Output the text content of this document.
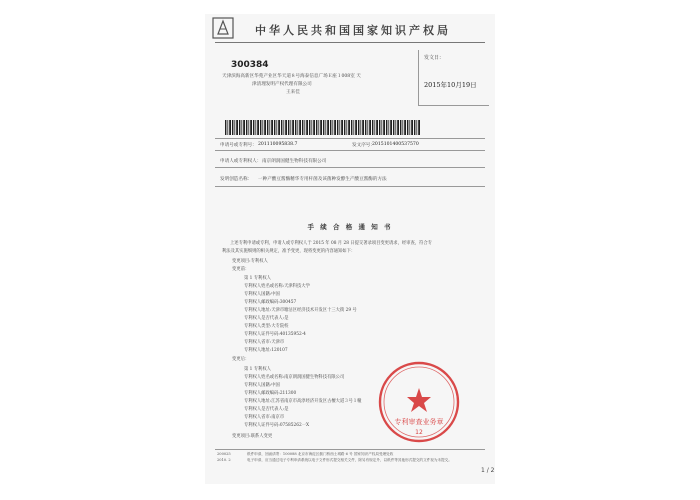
中华人民共和国国家知识产权局
300384
天津滨海高新区华苑产业区华天道８号海泰信息广场Ｅ座１008室 天
津清理发明产权代理有限公司
王来佳
发文日：
2015年10月19日
申请号或专利号： 201110095838.7	发文序号：
2015101400537570
申请人或专利权人： 南京朗润国健生物科技有限公司
发明创造名称： 一种产酸豆酱酶精华专用杆菌及该菌种发酵生产酸豆酱酶的方法
手 续 合 格 通 知 书
上述专利申请或专利，申请人或专利权人于 2015 年 08 月 28 日提交著录项目变更请求，经审查，符合专
利法及其实施细则的相关规定，准予变更，现将变更的内容通知如下：
变更项目:专利权人
变更前：
第 1 专利权人
专利权人姓名或名称:天津科技大学
专利权人国籍:中国
专利权人邮政编码:300457
专利权人地址:天津市塘沽区经济技术开发区十三大街 29 号
专利权人是否代表人:是
专利权人类型:大专院校
专利权人证件号码:40135952-4
专利权人省市:天津市
专利权人地址:120107
变更后：
第 1 专利权人
专利权人姓名或名称:南京朗润国健生物科技有限公司
专利权人国籍:中国
专利权人邮政编码:211300
专利权人地址:江苏省南京市高淳经济开发区古檀大道３号１幢
专利权人是否代表人:是
专利权人省市:南京市
专利权人证件号码:07585262一X
变更项目:联系人变更
专利审查业务章
12
200025
2010. 2
纸件申请，回函请寄：100088 北京市海淀区蓟门桥西土城路 6 号 国家知识产权局受理处收
电子申请，应当通过电子专利申请系统以电子文件形式提交相关文件，除另有规定外，以纸件等其他形式提交的文件视为未提交。
1 / 2
